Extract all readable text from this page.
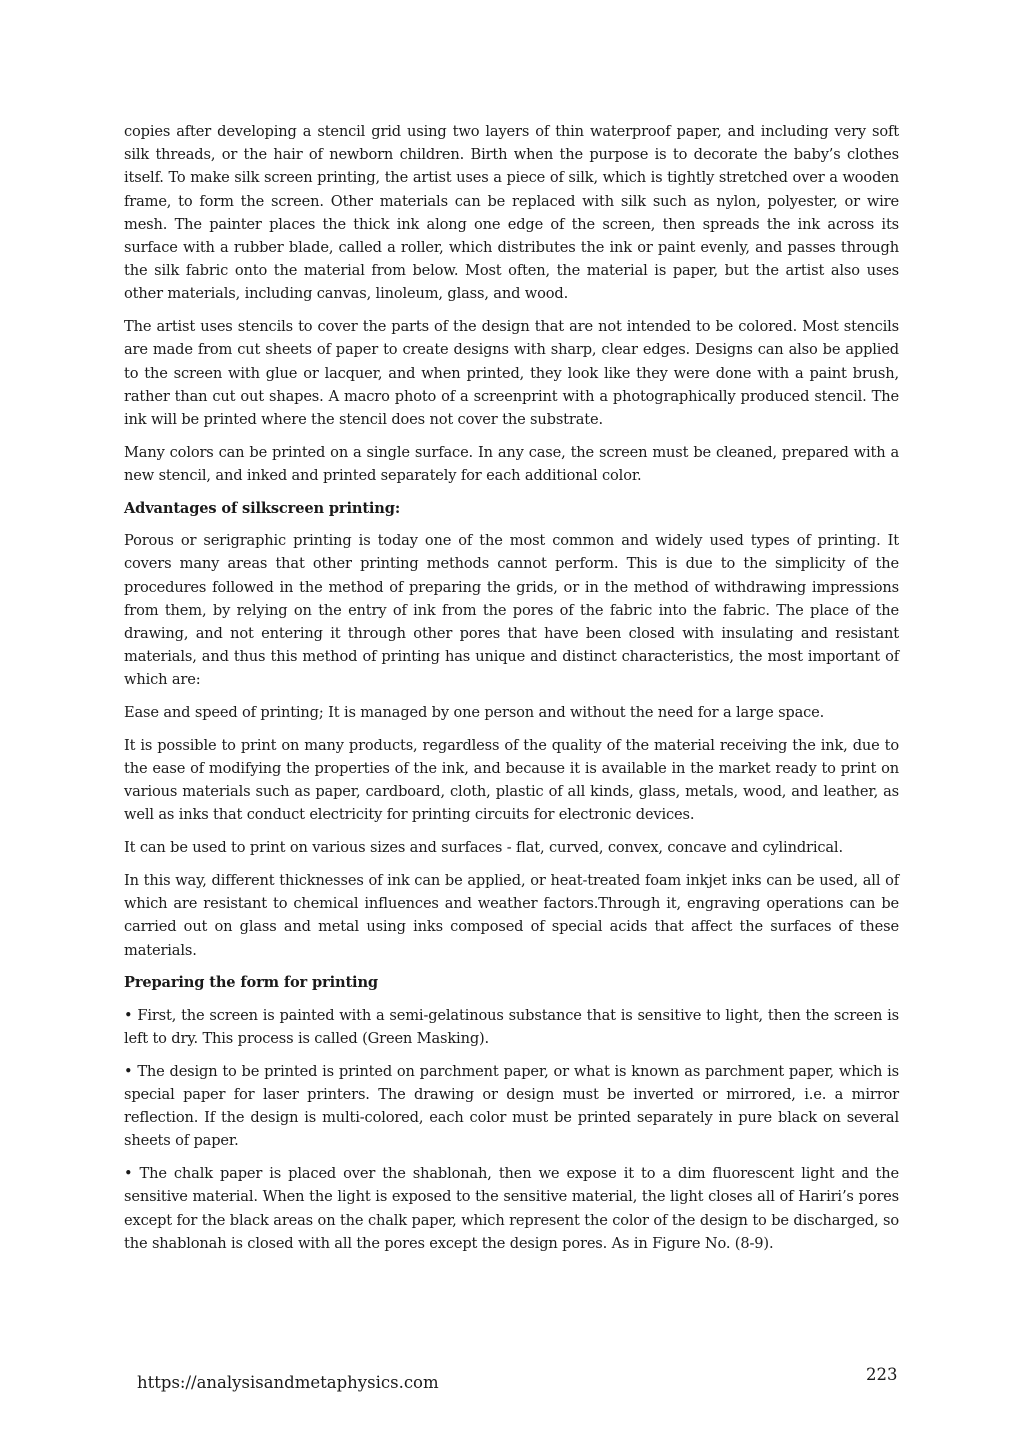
copies after developing a stencil grid using two layers of thin waterproof paper, and including very soft silk threads, or the hair of newborn children. Birth when the purpose is to decorate the baby’s clothes itself. To make silk screen printing, the artist uses a piece of silk, which is tightly stretched over a wooden frame, to form the screen. Other materials can be replaced with silk such as nylon, polyester, or wire mesh. The painter places the thick ink along one edge of the screen, then spreads the ink across its surface with a rubber blade, called a roller, which distributes the ink or paint evenly, and passes through the silk fabric onto the material from below. Most often, the material is paper, but the artist also uses other materials, including canvas, linoleum, glass, and wood.

The artist uses stencils to cover the parts of the design that are not intended to be colored. Most stencils are made from cut sheets of paper to create designs with sharp, clear edges. Designs can also be applied to the screen with glue or lacquer, and when printed, they look like they were done with a paint brush, rather than cut out shapes. A macro photo of a screenprint with a photographically produced stencil. The ink will be printed where the stencil does not cover the substrate.

Many colors can be printed on a single surface. In any case, the screen must be cleaned, prepared with a new stencil, and inked and printed separately for each additional color.

Advantages of silkscreen printing:

Porous or serigraphic printing is today one of the most common and widely used types of printing. It covers many areas that other printing methods cannot perform. This is due to the simplicity of the procedures followed in the method of preparing the grids, or in the method of withdrawing impressions from them, by relying on the entry of ink from the pores of the fabric into the fabric. The place of the drawing, and not entering it through other pores that have been closed with insulating and resistant materials, and thus this method of printing has unique and distinct characteristics, the most important of which are:

Ease and speed of printing; It is managed by one person and without the need for a large space.

It is possible to print on many products, regardless of the quality of the material receiving the ink, due to the ease of modifying the properties of the ink, and because it is available in the market ready to print on various materials such as paper, cardboard, cloth, plastic of all kinds, glass, metals, wood, and leather, as well as inks that conduct electricity for printing circuits for electronic devices.

It can be used to print on various sizes and surfaces - flat, curved, convex, concave and cylindrical.

In this way, different thicknesses of ink can be applied, or heat-treated foam inkjet inks can be used, all of which are resistant to chemical influences and weather factors.Through it, engraving operations can be carried out on glass and metal using inks composed of special acids that affect the surfaces of these materials.

Preparing the form for printing

• First, the screen is painted with a semi-gelatinous substance that is sensitive to light, then the screen is left to dry. This process is called (Green Masking).

• The design to be printed is printed on parchment paper, or what is known as parchment paper, which is special paper for laser printers. The drawing or design must be inverted or mirrored, i.e. a mirror reflection. If the design is multi-colored, each color must be printed separately in pure black on several sheets of paper.

• The chalk paper is placed over the shablonah, then we expose it to a dim fluorescent light and the sensitive material. When the light is exposed to the sensitive material, the light closes all of Hariri’s pores except for the black areas on the chalk paper, which represent the color of the design to be discharged, so the shablonah is closed with all the pores except the design pores. As in Figure No. (8-9).

https://analysisandmetaphysics.com	223
